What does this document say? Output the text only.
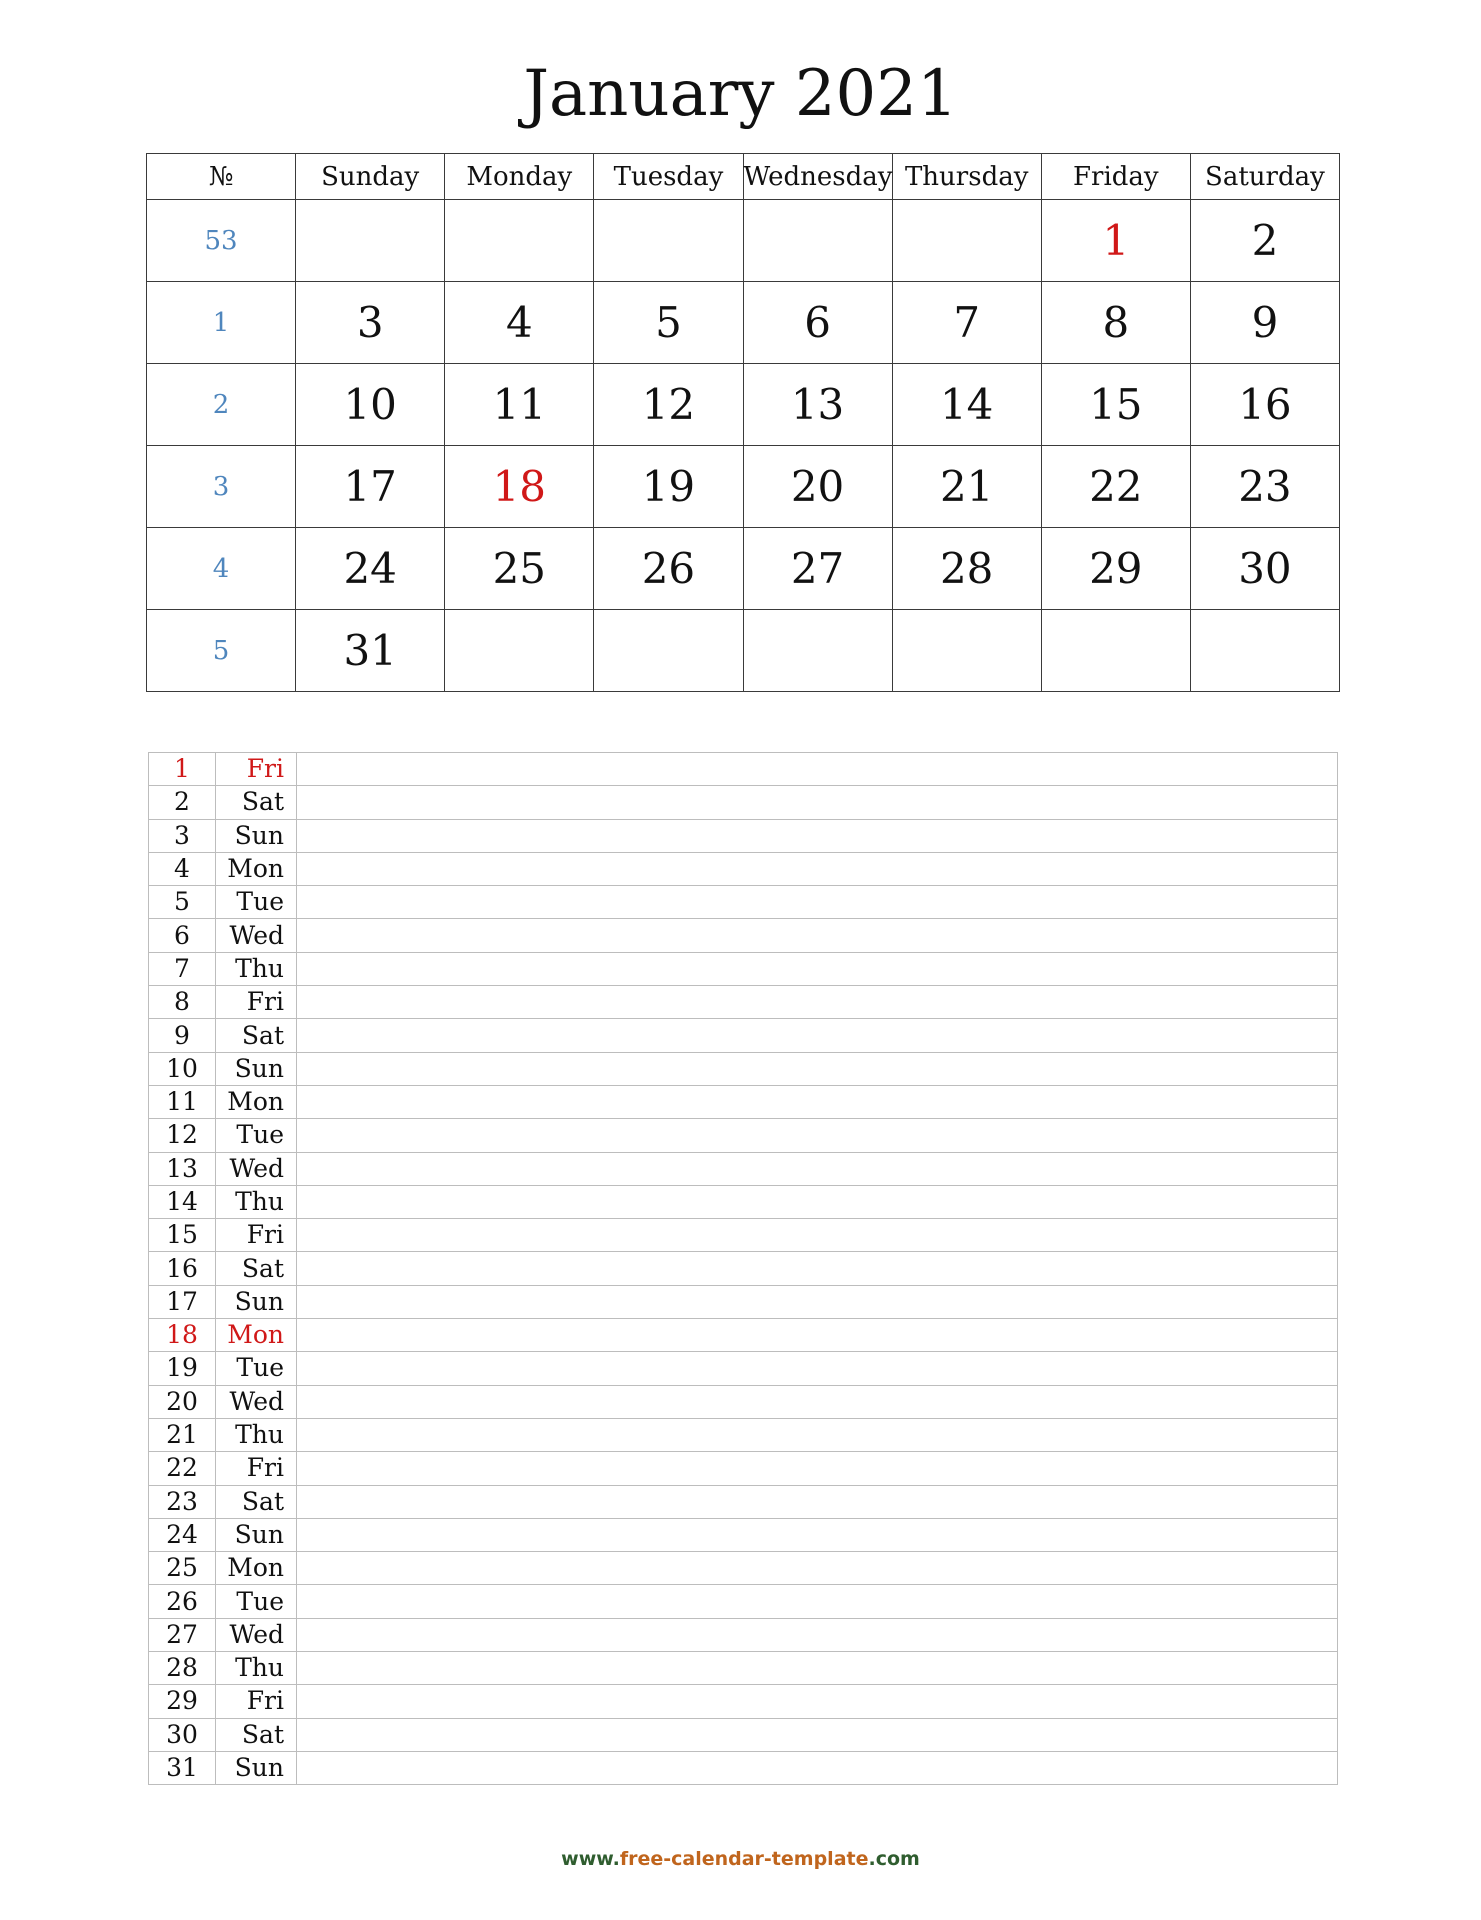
January 2021
№	Sunday	Monday	Tuesday	Wednesday	Thursday	Friday	Saturday
53						1	2
1	3	4	5	6	7	8	9
2	10	11	12	13	14	15	16
3	17	18	19	20	21	22	23
4	24	25	26	27	28	29	30
5	31						
1	Fri	
2	Sat	
3	Sun	
4	Mon	
5	Tue	
6	Wed	
7	Thu	
8	Fri	
9	Sat	
10	Sun	
11	Mon	
12	Tue	
13	Wed	
14	Thu	
15	Fri	
16	Sat	
17	Sun	
18	Mon	
19	Tue	
20	Wed	
21	Thu	
22	Fri	
23	Sat	
24	Sun	
25	Mon	
26	Tue	
27	Wed	
28	Thu	
29	Fri	
30	Sat	
31	Sun	
www.free-calendar-template.com
